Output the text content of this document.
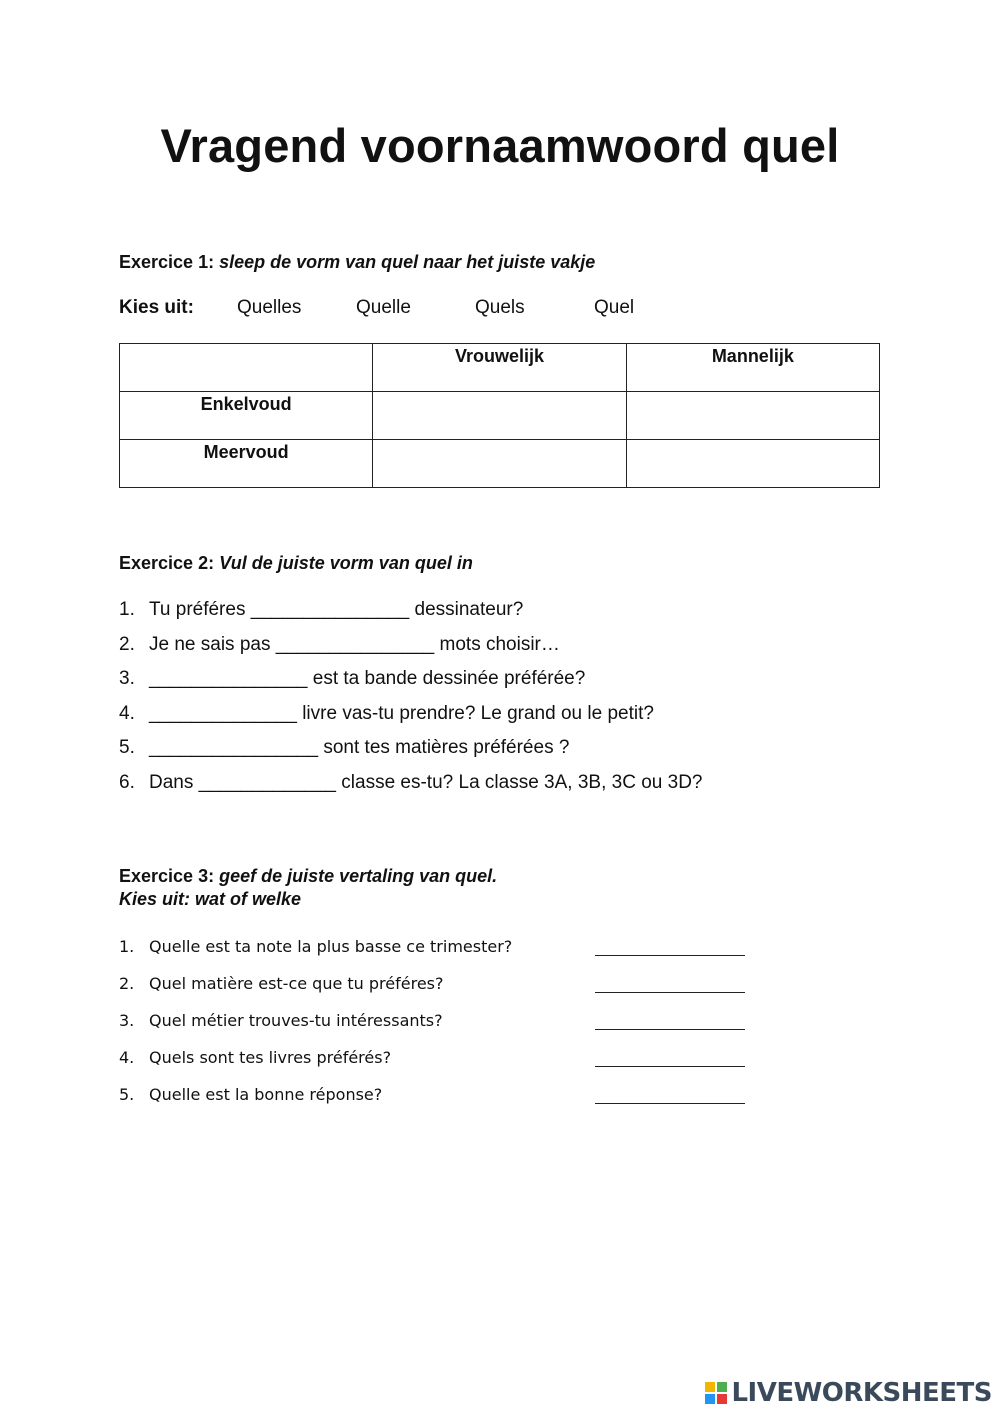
Vragend voornaamwoord quel
Exercice 1: sleep de vorm van quel naar het juiste vakje
Kies uit: Quelles	Quelle	Quels	Quel
	Vrouwelijk	Mannelijk
Enkelvoud		
Meervoud		
Exercice 2: Vul de juiste vorm van quel in
1. Tu préféres _______________ dessinateur?
2. Je ne sais pas _______________ mots choisir…
3. _______________ est ta bande dessinée préférée?
4. ______________ livre vas-tu prendre? Le grand ou le petit?
5. ________________ sont tes matières préférées ?
6. Dans _____________ classe es-tu? La classe 3A, 3B, 3C ou 3D?
Exercice 3: geef de juiste vertaling van quel.
Kies uit: wat of welke
1. Quelle est ta note la plus basse ce trimester?
2. Quel matière est-ce que tu préféres?
3. Quel métier trouves-tu intéressants?
4. Quels sont tes livres préférés?
5. Quelle est la bonne réponse?
LIVEWORKSHEETS
